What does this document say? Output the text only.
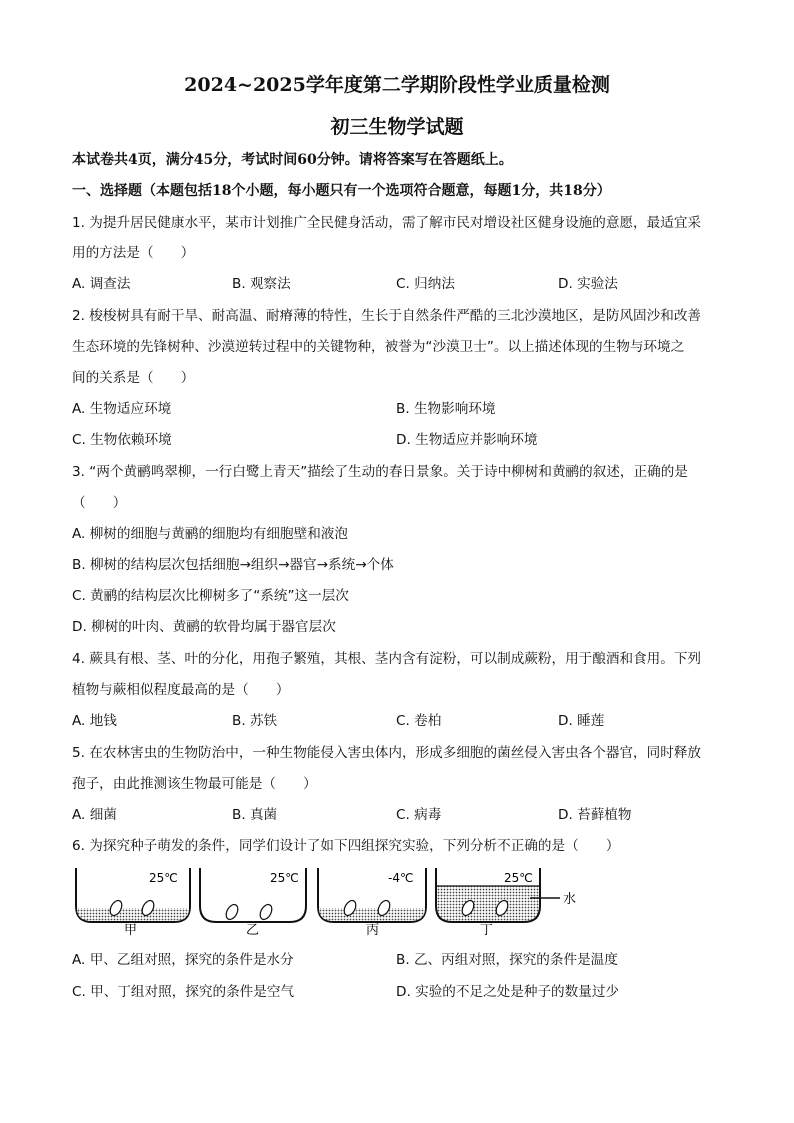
2024~2025学年度第二学期阶段性学业质量检测
初三生物学试题
本试卷共4页，满分45分，考试时间60分钟。请将答案写在答题纸上。
一、选择题（本题包括18个小题，每小题只有一个选项符合题意，每题1分，共18分）
1. 为提升居民健康水平，某市计划推广全民健身活动，需了解市民对增设社区健身设施的意愿，最适宜采
用的方法是（　　）
A. 调查法	B. 观察法	C. 归纳法	D. 实验法
2. 梭梭树具有耐干旱、耐高温、耐瘠薄的特性，生长于自然条件严酷的三北沙漠地区，是防风固沙和改善
生态环境的先锋树种、沙漠逆转过程中的关键物种，被誉为“沙漠卫士”。以上描述体现的生物与环境之
间的关系是（　　）
A. 生物适应环境	B. 生物影响环境
C. 生物依赖环境	D. 生物适应并影响环境
3. “两个黄鹂鸣翠柳，一行白鹭上青天”描绘了生动的春日景象。关于诗中柳树和黄鹂的叙述，正确的是
（　　）
A. 柳树的细胞与黄鹂的细胞均有细胞壁和液泡
B. 柳树的结构层次包括细胞→组织→器官→系统→个体
C. 黄鹂的结构层次比柳树多了“系统”这一层次
D. 柳树的叶肉、黄鹂的软骨均属于器官层次
4. 蕨具有根、茎、叶的分化，用孢子繁殖，其根、茎内含有淀粉，可以制成蕨粉，用于酿酒和食用。下列
植物与蕨相似程度最高的是（　　）
A. 地钱	B. 苏铁	C. 卷柏	D. 睡莲
5. 在农林害虫的生物防治中，一种生物能侵入害虫体内，形成多细胞的菌丝侵入害虫各个器官，同时释放
孢子，由此推测该生物最可能是（　　）
A. 细菌	B. 真菌	C. 病毒	D. 苔藓植物
6. 为探究种子萌发的条件，同学们设计了如下四组探究实验，下列分析不正确的是（　　）
25℃
甲
25℃
乙
-4℃
丙
25℃
丁
水
A. 甲、乙组对照，探究的条件是水分	B. 乙、丙组对照，探究的条件是温度
C. 甲、丁组对照，探究的条件是空气	D. 实验的不足之处是种子的数量过少
